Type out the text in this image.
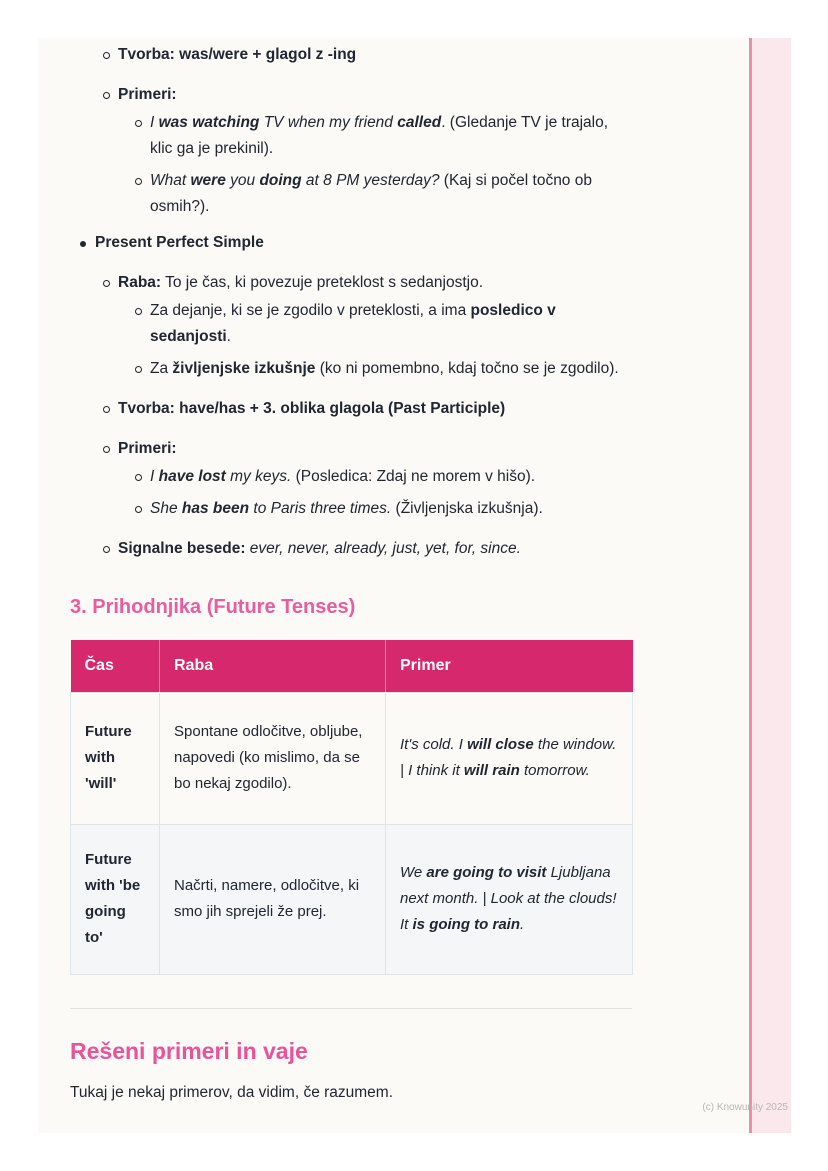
Tvorba: was/were + glagol z -ing
Primeri:
I was watching TV when my friend called. (Gledanje TV je trajalo, klic ga je prekinil).
What were you doing at 8 PM yesterday? (Kaj si počel točno ob osmih?).
Present Perfect Simple
Raba: To je čas, ki povezuje preteklost s sedanjostjo.
Za dejanje, ki se je zgodilo v preteklosti, a ima posledico v sedanjosti.
Za življenjske izkušnje (ko ni pomembno, kdaj točno se je zgodilo).
Tvorba: have/has + 3. oblika glagola (Past Participle)
Primeri:
I have lost my keys. (Posledica: Zdaj ne morem v hišo).
She has been to Paris three times. (Življenjska izkušnja).
Signalne besede: ever, never, already, just, yet, for, since.
3. Prihodnjika (Future Tenses)
Čas	Raba	Primer
Future with 'will'	Spontane odločitve, obljube, napovedi (ko mislimo, da se bo nekaj zgodilo).	It's cold. I will close the window. | I think it will rain tomorrow.
Future with 'be going to'	Načrti, namere, odločitve, ki smo jih sprejeli že prej.	We are going to visit Ljubljana next month. | Look at the clouds! It is going to rain.
Rešeni primeri in vaje

Tukaj je nekaj primerov, da vidim, če razumem.

(c) Knowunity 2025
